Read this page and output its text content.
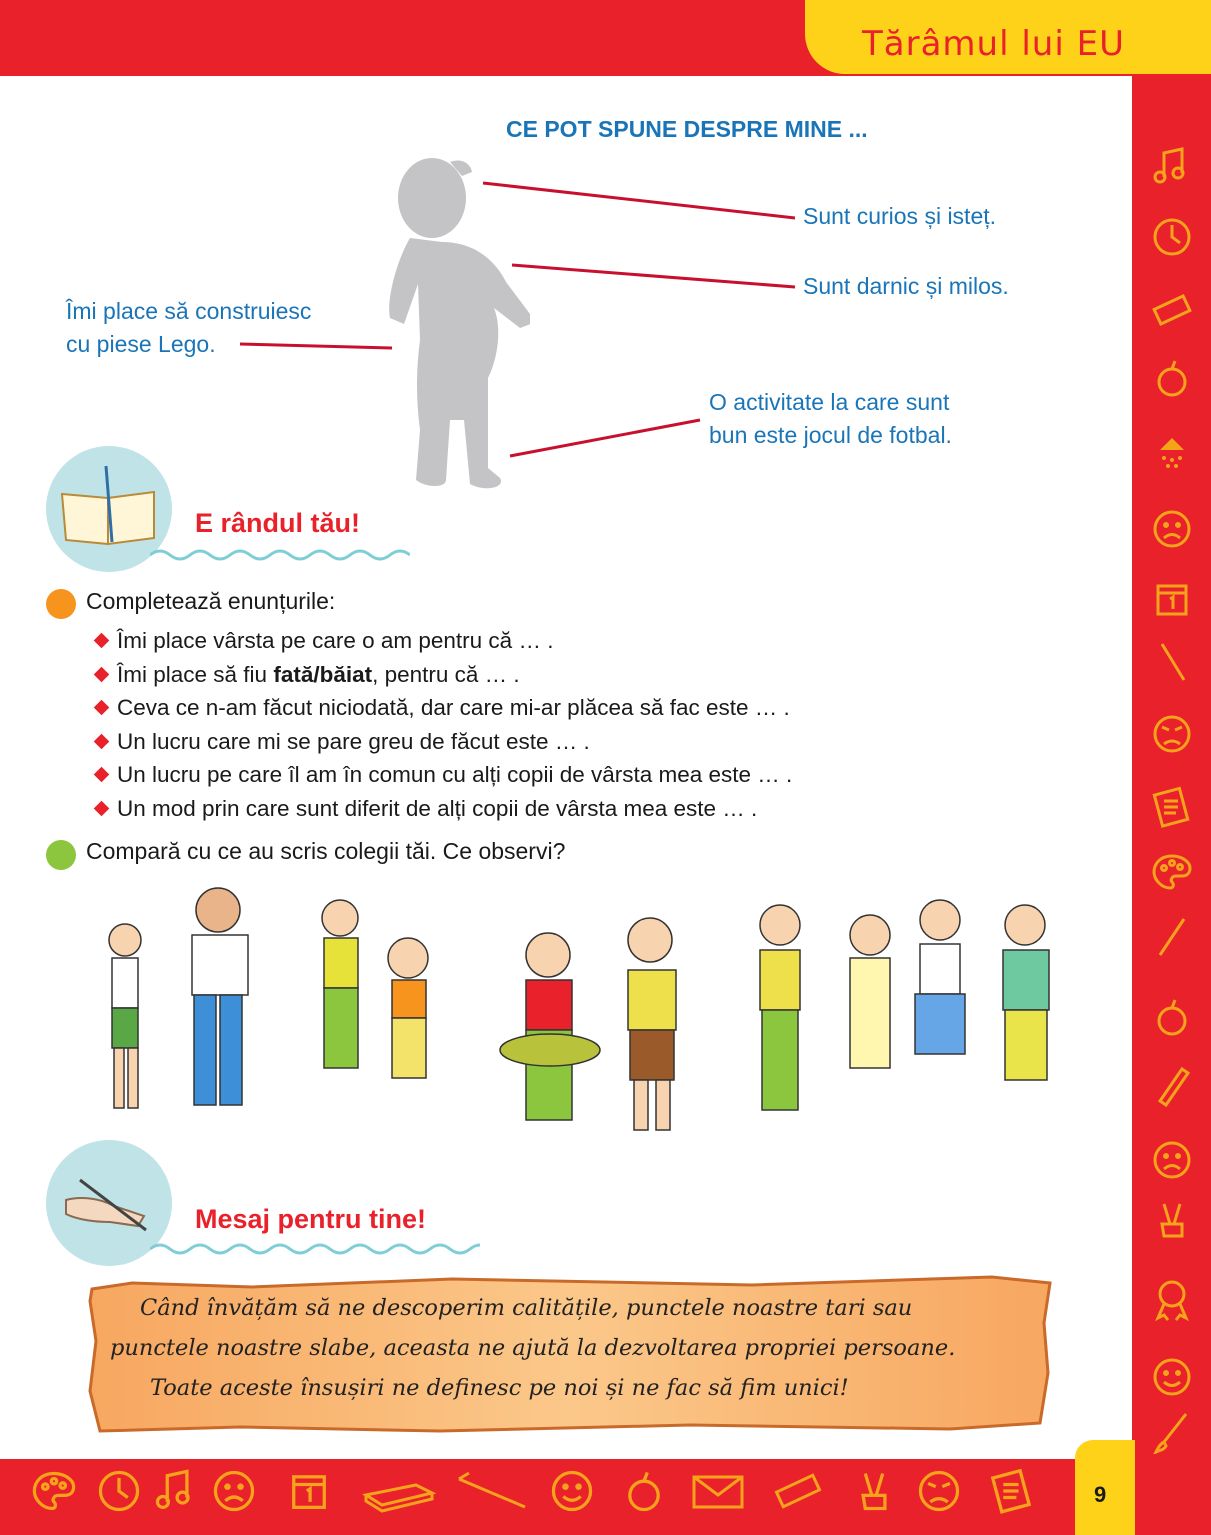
Tărâmul lui EU
9
CE POT SPUNE DESPRE MINE ...
Sunt curios și isteț.
Sunt darnic și milos.
Îmi place să construiesc
cu piese Lego.
O activitate la care sunt
bun este jocul de fotbal.
E rândul tău!
Completează enunțurile:
Îmi place vârsta pe care o am pentru că … .
Îmi place să fiu fată/băiat, pentru că … .
Ceva ce n-am făcut niciodată, dar care mi-ar plăcea să fac este … .
Un lucru care mi se pare greu de făcut este … .
Un lucru pe care îl am în comun cu alți copii de vârsta mea este … .
Un mod prin care sunt diferit de alți copii de vârsta mea este … .
Compară cu ce au scris colegii tăi. Ce observi?
Mesaj pentru tine!

Când învățăm să ne descoperim calitățile, punctele noastre tari sau

punctele noastre slabe, aceasta ne ajută la dezvoltarea propriei persoane.

Toate aceste însușiri ne definesc pe noi și ne fac să fim unici!
